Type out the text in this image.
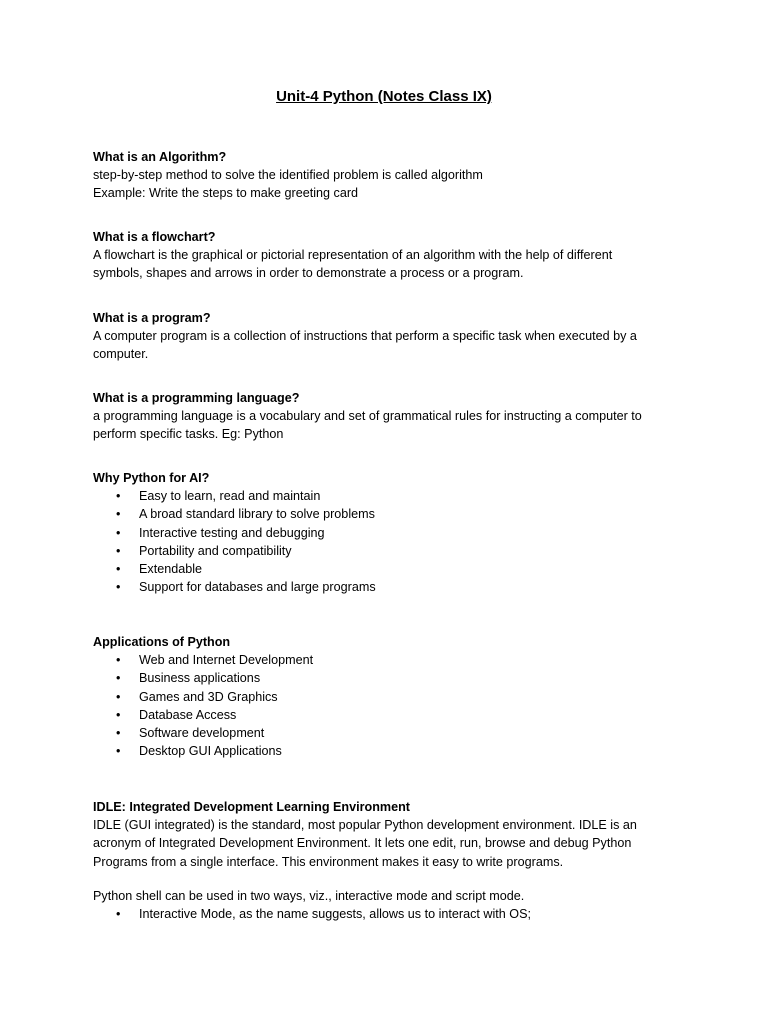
Unit-4 Python (Notes Class IX)

What is an Algorithm?

step-by-step method to solve the identified problem is called algorithm

Example: Write the steps to make greeting card

What is a flowchart?

A flowchart is the graphical or pictorial representation of an algorithm with the help of different

symbols, shapes and arrows in order to demonstrate a process or a program.

What is a program?

A computer program is a collection of instructions that perform a specific task when executed by a

computer.

What is a programming language?

a programming language is a vocabulary and set of grammatical rules for instructing a computer to

perform specific tasks. Eg: Python

Why Python for AI?

• Easy to learn, read and maintain
• A broad standard library to solve problems
• Interactive testing and debugging
• Portability and compatibility
• Extendable
• Support for databases and large programs

Applications of Python

• Web and Internet Development
• Business applications
• Games and 3D Graphics
• Database Access
• Software development
• Desktop GUI Applications

IDLE: Integrated Development Learning Environment

IDLE (GUI integrated) is the standard, most popular Python development environment. IDLE is an

acronym of Integrated Development Environment. It lets one edit, run, browse and debug Python

Programs from a single interface. This environment makes it easy to write programs.

Python shell can be used in two ways, viz., interactive mode and script mode.

• Interactive Mode, as the name suggests, allows us to interact with OS;
